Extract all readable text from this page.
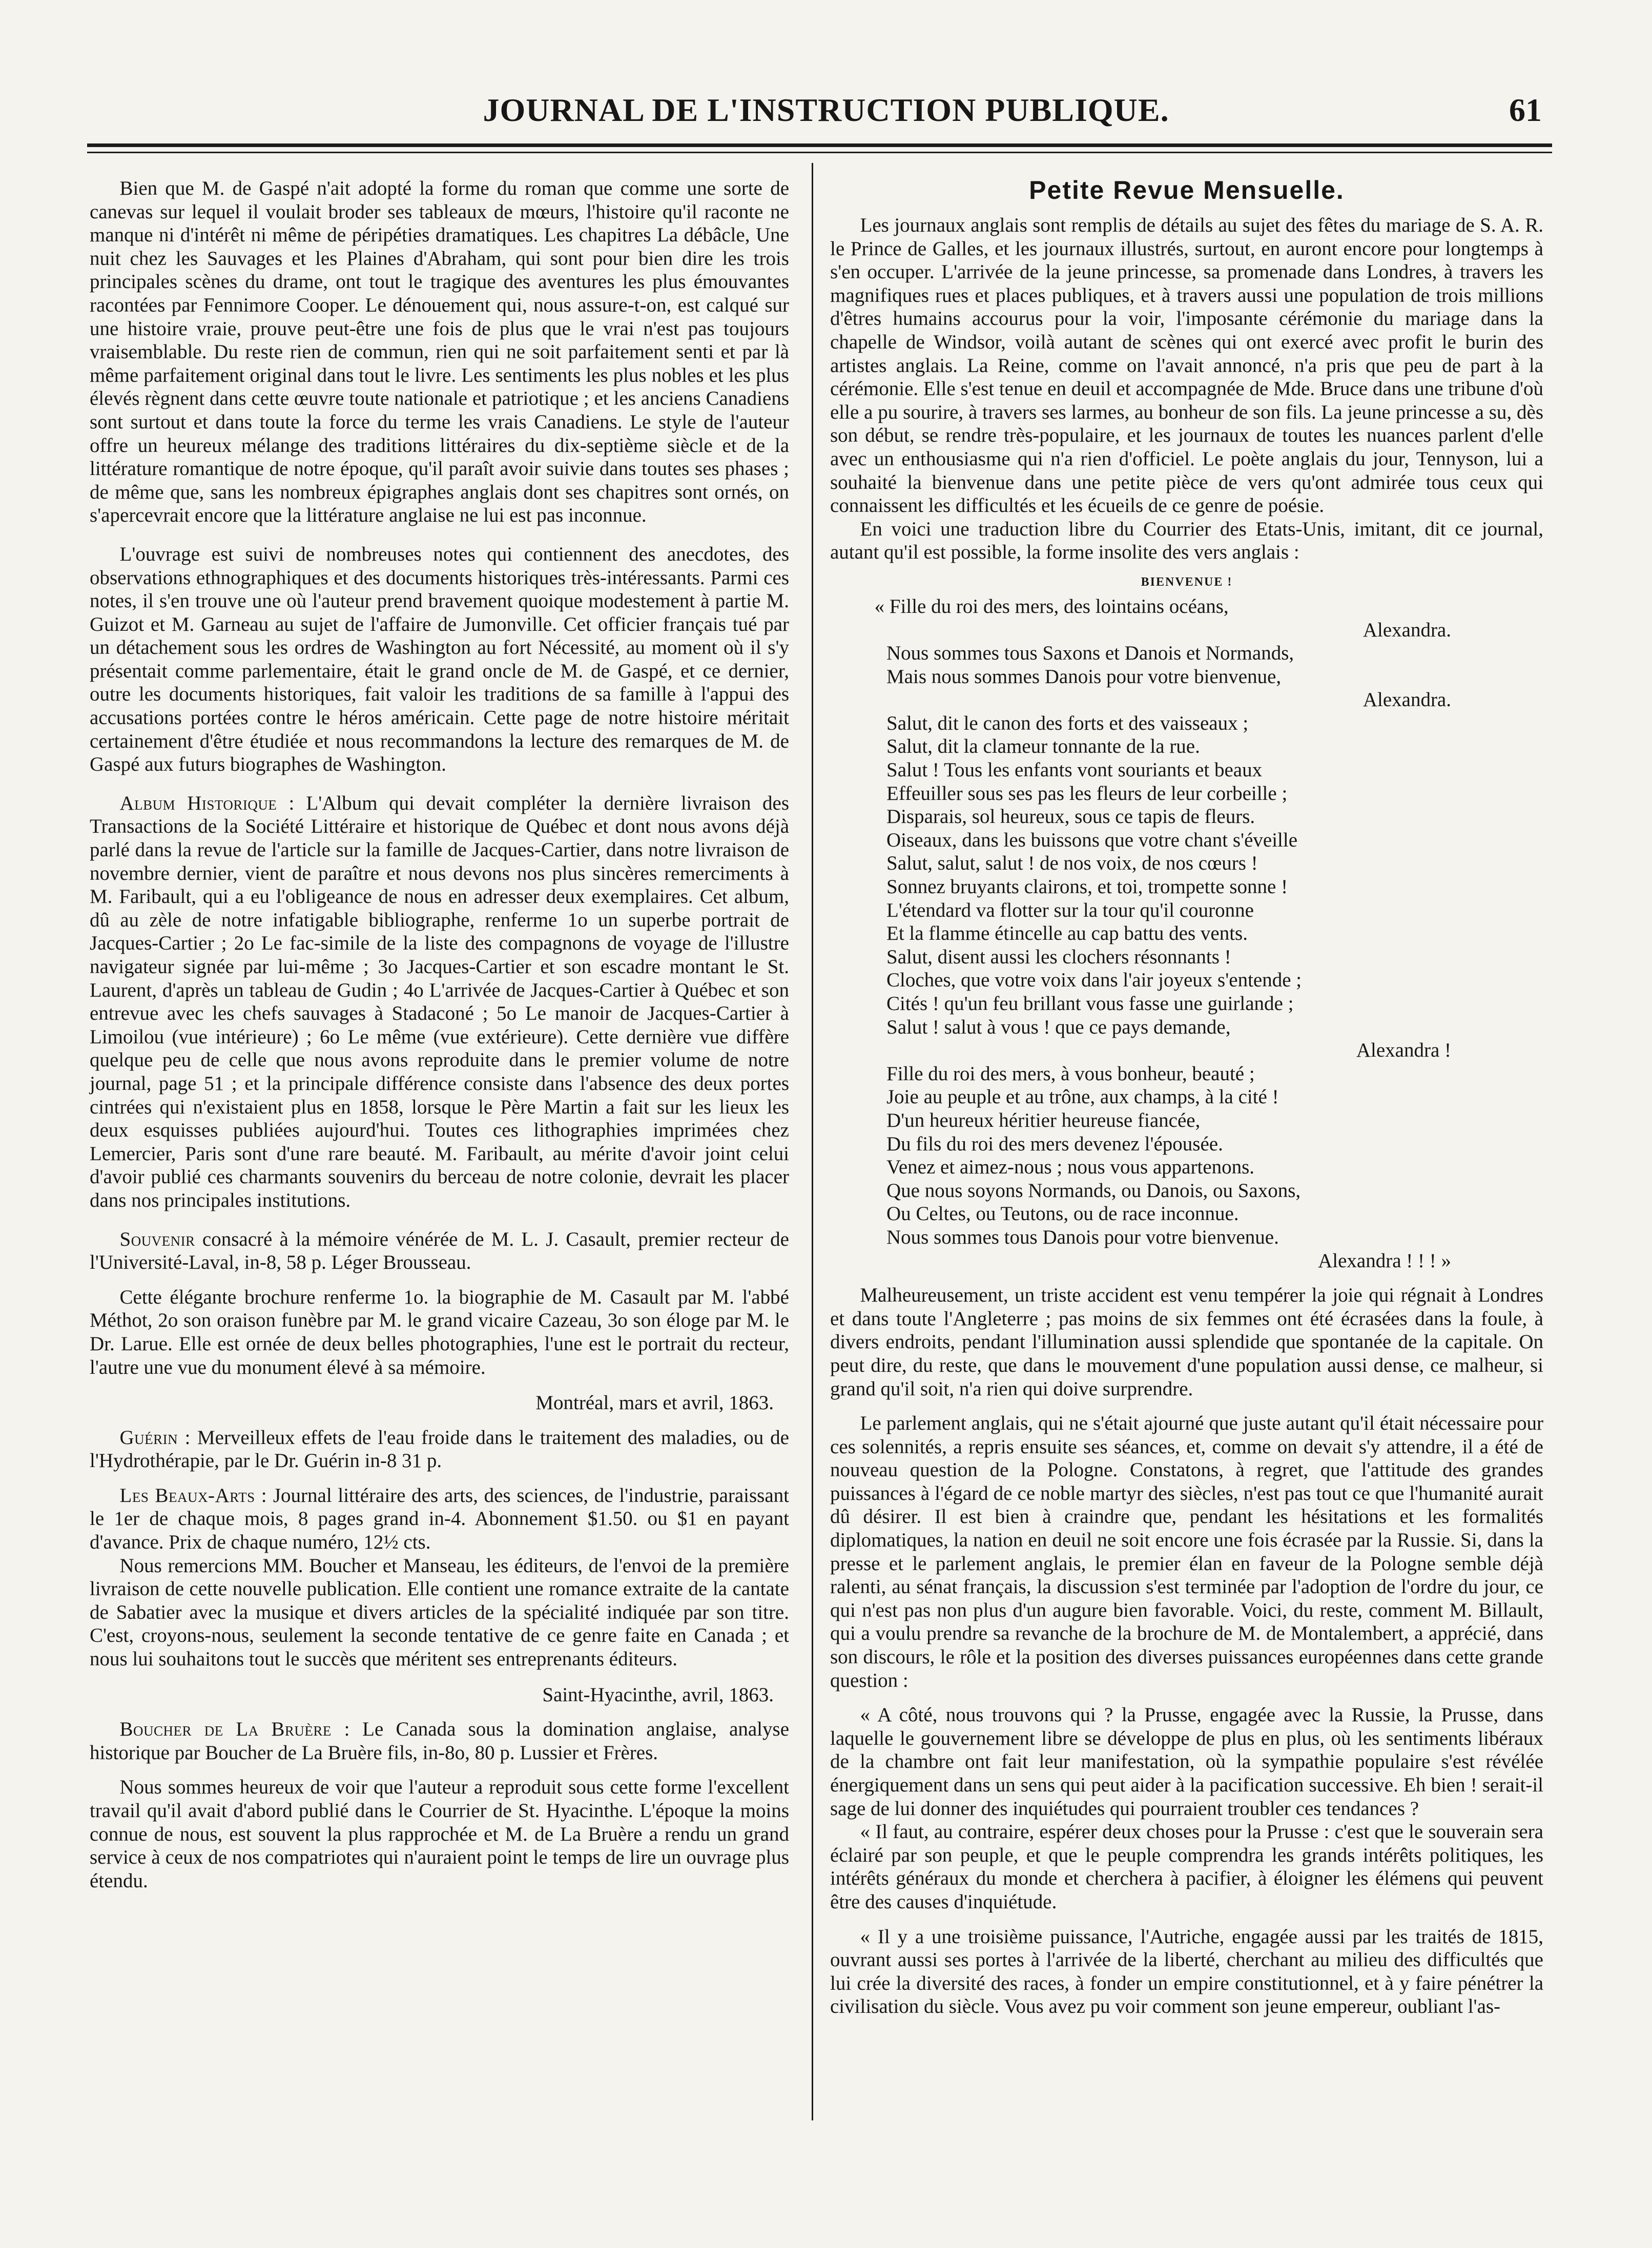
JOURNAL DE L'INSTRUCTION PUBLIQUE.	61

Bien que M. de Gaspé n'ait adopté la forme du roman que comme une sorte de canevas sur lequel il voulait broder ses tableaux de mœurs, l'histoire qu'il raconte ne manque ni d'intérêt ni même de péripéties dramatiques. Les chapitres La débâcle, Une nuit chez les Sauvages et les Plaines d'Abraham, qui sont pour bien dire les trois principales scènes du drame, ont tout le tragique des aventures les plus émouvantes racontées par Fennimore Cooper. Le dénouement qui, nous assure-t-on, est calqué sur une histoire vraie, prouve peut-être une fois de plus que le vrai n'est pas toujours vraisemblable. Du reste rien de commun, rien qui ne soit parfaitement senti et par là même parfaitement original dans tout le livre. Les sentiments les plus nobles et les plus élevés règnent dans cette œuvre toute nationale et patriotique ; et les anciens Canadiens sont surtout et dans toute la force du terme les vrais Canadiens. Le style de l'auteur offre un heureux mélange des traditions littéraires du dix-septième siècle et de la littérature romantique de notre époque, qu'il paraît avoir suivie dans toutes ses phases ; de même que, sans les nombreux épigraphes anglais dont ses chapitres sont ornés, on s'apercevrait encore que la littérature anglaise ne lui est pas inconnue.

L'ouvrage est suivi de nombreuses notes qui contiennent des anecdotes, des observations ethnographiques et des documents historiques très-intéressants. Parmi ces notes, il s'en trouve une où l'auteur prend bravement quoique modestement à partie M. Guizot et M. Garneau au sujet de l'affaire de Jumonville. Cet officier français tué par un détachement sous les ordres de Washington au fort Nécessité, au moment où il s'y présentait comme parlementaire, était le grand oncle de M. de Gaspé, et ce dernier, outre les documents historiques, fait valoir les traditions de sa famille à l'appui des accusations portées contre le héros américain. Cette page de notre histoire méritait certainement d'être étudiée et nous recommandons la lecture des remarques de M. de Gaspé aux futurs biographes de Washington.

Album Historique : L'Album qui devait compléter la dernière livraison des Transactions de la Société Littéraire et historique de Québec et dont nous avons déjà parlé dans la revue de l'article sur la famille de Jacques-Cartier, dans notre livraison de novembre dernier, vient de paraître et nous devons nos plus sincères remerciments à M. Faribault, qui a eu l'obligeance de nous en adresser deux exemplaires. Cet album, dû au zèle de notre infatigable bibliographe, renferme 1o un superbe portrait de Jacques-Cartier ; 2o Le fac-simile de la liste des compagnons de voyage de l'illustre navigateur signée par lui-même ; 3o Jacques-Cartier et son escadre montant le St. Laurent, d'après un tableau de Gudin ; 4o L'arrivée de Jacques-Cartier à Québec et son entrevue avec les chefs sauvages à Stadaconé ; 5o Le manoir de Jacques-Cartier à Limoilou (vue intérieure) ; 6o Le même (vue extérieure). Cette dernière vue diffère quelque peu de celle que nous avons reproduite dans le premier volume de notre journal, page 51 ; et la principale différence consiste dans l'absence des deux portes cintrées qui n'existaient plus en 1858, lorsque le Père Martin a fait sur les lieux les deux esquisses publiées aujourd'hui. Toutes ces lithographies imprimées chez Lemercier, Paris sont d'une rare beauté. M. Faribault, au mérite d'avoir joint celui d'avoir publié ces charmants souvenirs du berceau de notre colonie, devrait les placer dans nos principales institutions.

Souvenir consacré à la mémoire vénérée de M. L. J. Casault, premier recteur de l'Université-Laval, in-8, 58 p. Léger Brousseau.

Cette élégante brochure renferme 1o. la biographie de M. Casault par M. l'abbé Méthot, 2o son oraison funèbre par M. le grand vicaire Cazeau, 3o son éloge par M. le Dr. Larue. Elle est ornée de deux belles photographies, l'une est le portrait du recteur, l'autre une vue du monument élevé à sa mémoire.

Montréal, mars et avril, 1863.

Guérin : Merveilleux effets de l'eau froide dans le traitement des maladies, ou de l'Hydrothérapie, par le Dr. Guérin in-8 31 p.

Les Beaux-Arts : Journal littéraire des arts, des sciences, de l'industrie, paraissant le 1er de chaque mois, 8 pages grand in-4. Abonnement $1.50. ou $1 en payant d'avance. Prix de chaque numéro, 12½ cts.

Nous remercions MM. Boucher et Manseau, les éditeurs, de l'envoi de la première livraison de cette nouvelle publication. Elle contient une romance extraite de la cantate de Sabatier avec la musique et divers articles de la spécialité indiquée par son titre. C'est, croyons-nous, seulement la seconde tentative de ce genre faite en Canada ; et nous lui souhaitons tout le succès que méritent ses entreprenants éditeurs.

Saint-Hyacinthe, avril, 1863.

Boucher de La Bruère : Le Canada sous la domination anglaise, analyse historique par Boucher de La Bruère fils, in-8o, 80 p. Lussier et Frères.

Nous sommes heureux de voir que l'auteur a reproduit sous cette forme l'excellent travail qu'il avait d'abord publié dans le Courrier de St. Hyacinthe. L'époque la moins connue de nous, est souvent la plus rapprochée et M. de La Bruère a rendu un grand service à ceux de nos compatriotes qui n'auraient point le temps de lire un ouvrage plus étendu.

Petite Revue Mensuelle.

Les journaux anglais sont remplis de détails au sujet des fêtes du mariage de S. A. R. le Prince de Galles, et les journaux illustrés, surtout, en auront encore pour longtemps à s'en occuper. L'arrivée de la jeune princesse, sa promenade dans Londres, à travers les magnifiques rues et places publiques, et à travers aussi une population de trois millions d'êtres humains accourus pour la voir, l'imposante cérémonie du mariage dans la chapelle de Windsor, voilà autant de scènes qui ont exercé avec profit le burin des artistes anglais. La Reine, comme on l'avait annoncé, n'a pris que peu de part à la cérémonie. Elle s'est tenue en deuil et accompagnée de Mde. Bruce dans une tribune d'où elle a pu sourire, à travers ses larmes, au bonheur de son fils. La jeune princesse a su, dès son début, se rendre très-populaire, et les journaux de toutes les nuances parlent d'elle avec un enthousiasme qui n'a rien d'officiel. Le poète anglais du jour, Tennyson, lui a souhaité la bienvenue dans une petite pièce de vers qu'ont admirée tous ceux qui connaissent les difficultés et les écueils de ce genre de poésie.

En voici une traduction libre du Courrier des Etats-Unis, imitant, dit ce journal, autant qu'il est possible, la forme insolite des vers anglais :

BIENVENUE !
« Fille du roi des mers, des lointains océans,
Alexandra.
Nous sommes tous Saxons et Danois et Normands,
Mais nous sommes Danois pour votre bienvenue,
Alexandra.
Salut, dit le canon des forts et des vaisseaux ;
Salut, dit la clameur tonnante de la rue.
Salut ! Tous les enfants vont souriants et beaux
Effeuiller sous ses pas les fleurs de leur corbeille ;
Disparais, sol heureux, sous ce tapis de fleurs.
Oiseaux, dans les buissons que votre chant s'éveille
Salut, salut, salut ! de nos voix, de nos cœurs !
Sonnez bruyants clairons, et toi, trompette sonne !
L'étendard va flotter sur la tour qu'il couronne
Et la flamme étincelle au cap battu des vents.
Salut, disent aussi les clochers résonnants !
Cloches, que votre voix dans l'air joyeux s'entende ;
Cités ! qu'un feu brillant vous fasse une guirlande ;
Salut ! salut à vous ! que ce pays demande,
Alexandra !
Fille du roi des mers, à vous bonheur, beauté ;
Joie au peuple et au trône, aux champs, à la cité !
D'un heureux héritier heureuse fiancée,
Du fils du roi des mers devenez l'épousée.
Venez et aimez-nous ; nous vous appartenons.
Que nous soyons Normands, ou Danois, ou Saxons,
Ou Celtes, ou Teutons, ou de race inconnue.
Nous sommes tous Danois pour votre bienvenue.
Alexandra ! ! ! »

Malheureusement, un triste accident est venu tempérer la joie qui régnait à Londres et dans toute l'Angleterre ; pas moins de six femmes ont été écrasées dans la foule, à divers endroits, pendant l'illumination aussi splendide que spontanée de la capitale. On peut dire, du reste, que dans le mouvement d'une population aussi dense, ce malheur, si grand qu'il soit, n'a rien qui doive surprendre.

Le parlement anglais, qui ne s'était ajourné que juste autant qu'il était nécessaire pour ces solennités, a repris ensuite ses séances, et, comme on devait s'y attendre, il a été de nouveau question de la Pologne. Constatons, à regret, que l'attitude des grandes puissances à l'égard de ce noble martyr des siècles, n'est pas tout ce que l'humanité aurait dû désirer. Il est bien à craindre que, pendant les hésitations et les formalités diplomatiques, la nation en deuil ne soit encore une fois écrasée par la Russie. Si, dans la presse et le parlement anglais, le premier élan en faveur de la Pologne semble déjà ralenti, au sénat français, la discussion s'est terminée par l'adoption de l'ordre du jour, ce qui n'est pas non plus d'un augure bien favorable. Voici, du reste, comment M. Billault, qui a voulu prendre sa revanche de la brochure de M. de Montalembert, a apprécié, dans son discours, le rôle et la position des diverses puissances européennes dans cette grande question :

« A côté, nous trouvons qui ? la Prusse, engagée avec la Russie, la Prusse, dans laquelle le gouvernement libre se développe de plus en plus, où les sentiments libéraux de la chambre ont fait leur manifestation, où la sympathie populaire s'est révélée énergiquement dans un sens qui peut aider à la pacification successive. Eh bien ! serait-il sage de lui donner des inquiétudes qui pourraient troubler ces tendances ?

« Il faut, au contraire, espérer deux choses pour la Prusse : c'est que le souverain sera éclairé par son peuple, et que le peuple comprendra les grands intérêts politiques, les intérêts généraux du monde et cherchera à pacifier, à éloigner les élémens qui peuvent être des causes d'inquiétude.

« Il y a une troisième puissance, l'Autriche, engagée aussi par les traités de 1815, ouvrant aussi ses portes à l'arrivée de la liberté, cherchant au milieu des difficultés que lui crée la diversité des races, à fonder un empire constitutionnel, et à y faire pénétrer la civilisation du siècle. Vous avez pu voir comment son jeune empereur, oubliant l'as-
